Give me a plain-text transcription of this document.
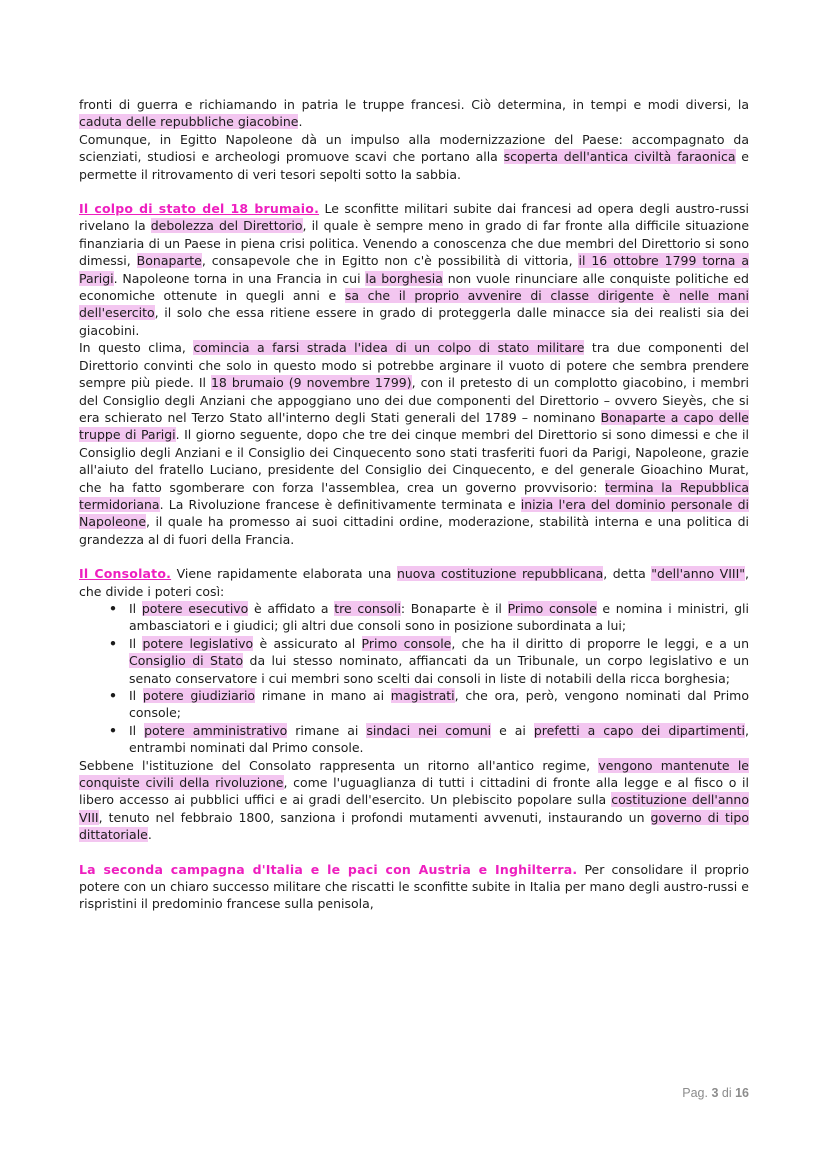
fronti di guerra e richiamando in patria le truppe francesi. Ciò determina, in tempi e modi diversi, la caduta delle repubbliche giacobine.

Comunque, in Egitto Napoleone dà un impulso alla modernizzazione del Paese: accompagnato da scienziati, studiosi e archeologi promuove scavi che portano alla scoperta dell'antica civiltà faraonica e permette il ritrovamento di veri tesori sepolti sotto la sabbia.

Il colpo di stato del 18 brumaio. Le sconfitte militari subite dai francesi ad opera degli austro-russi rivelano la debolezza del Direttorio, il quale è sempre meno in grado di far fronte alla difficile situazione finanziaria di un Paese in piena crisi politica. Venendo a conoscenza che due membri del Direttorio si sono dimessi, Bonaparte, consapevole che in Egitto non c'è possibilità di vittoria, il 16 ottobre 1799 torna a Parigi. Napoleone torna in una Francia in cui la borghesia non vuole rinunciare alle conquiste politiche ed economiche ottenute in quegli anni e sa che il proprio avvenire di classe dirigente è nelle mani dell'esercito, il solo che essa ritiene essere in grado di proteggerla dalle minacce sia dei realisti sia dei giacobini.

In questo clima, comincia a farsi strada l'idea di un colpo di stato militare tra due componenti del Direttorio convinti che solo in questo modo si potrebbe arginare il vuoto di potere che sembra prendere sempre più piede. Il 18 brumaio (9 novembre 1799), con il pretesto di un complotto giacobino, i membri del Consiglio degli Anziani che appoggiano uno dei due componenti del Direttorio – ovvero Sieyès, che si era schierato nel Terzo Stato all'interno degli Stati generali del 1789 – nominano Bonaparte a capo delle truppe di Parigi. Il giorno seguente, dopo che tre dei cinque membri del Direttorio si sono dimessi e che il Consiglio degli Anziani e il Consiglio dei Cinquecento sono stati trasferiti fuori da Parigi, Napoleone, grazie all'aiuto del fratello Luciano, presidente del Consiglio dei Cinquecento, e del generale Gioachino Murat, che ha fatto sgomberare con forza l'assemblea, crea un governo provvisorio: termina la Repubblica termidoriana. La Rivoluzione francese è definitivamente terminata e inizia l'era del dominio personale di Napoleone, il quale ha promesso ai suoi cittadini ordine, moderazione, stabilità interna e una politica di grandezza al di fuori della Francia.

Il Consolato. Viene rapidamente elaborata una nuova costituzione repubblicana, detta "dell'anno VIII", che divide i poteri così:

• Il potere esecutivo è affidato a tre consoli: Bonaparte è il Primo console e nomina i ministri, gli ambasciatori e i giudici; gli altri due consoli sono in posizione subordinata a lui;
• Il potere legislativo è assicurato al Primo console, che ha il diritto di proporre le leggi, e a un Consiglio di Stato da lui stesso nominato, affiancati da un Tribunale, un corpo legislativo e un senato conservatore i cui membri sono scelti dai consoli in liste di notabili della ricca borghesia;
• Il potere giudiziario rimane in mano ai magistrati, che ora, però, vengono nominati dal Primo console;
• Il potere amministrativo rimane ai sindaci nei comuni e ai prefetti a capo dei dipartimenti, entrambi nominati dal Primo console.

Sebbene l'istituzione del Consolato rappresenta un ritorno all'antico regime, vengono mantenute le conquiste civili della rivoluzione, come l'uguaglianza di tutti i cittadini di fronte alla legge e al fisco o il libero accesso ai pubblici uffici e ai gradi dell'esercito. Un plebiscito popolare sulla costituzione dell'anno VIII, tenuto nel febbraio 1800, sanziona i profondi mutamenti avvenuti, instaurando un governo di tipo dittatoriale.

La seconda campagna d'Italia e le paci con Austria e Inghilterra. Per consolidare il proprio potere con un chiaro successo militare che riscatti le sconfitte subite in Italia per mano degli austro-russi e rispristini il predominio francese sulla penisola,

Pag. 3 di 16
